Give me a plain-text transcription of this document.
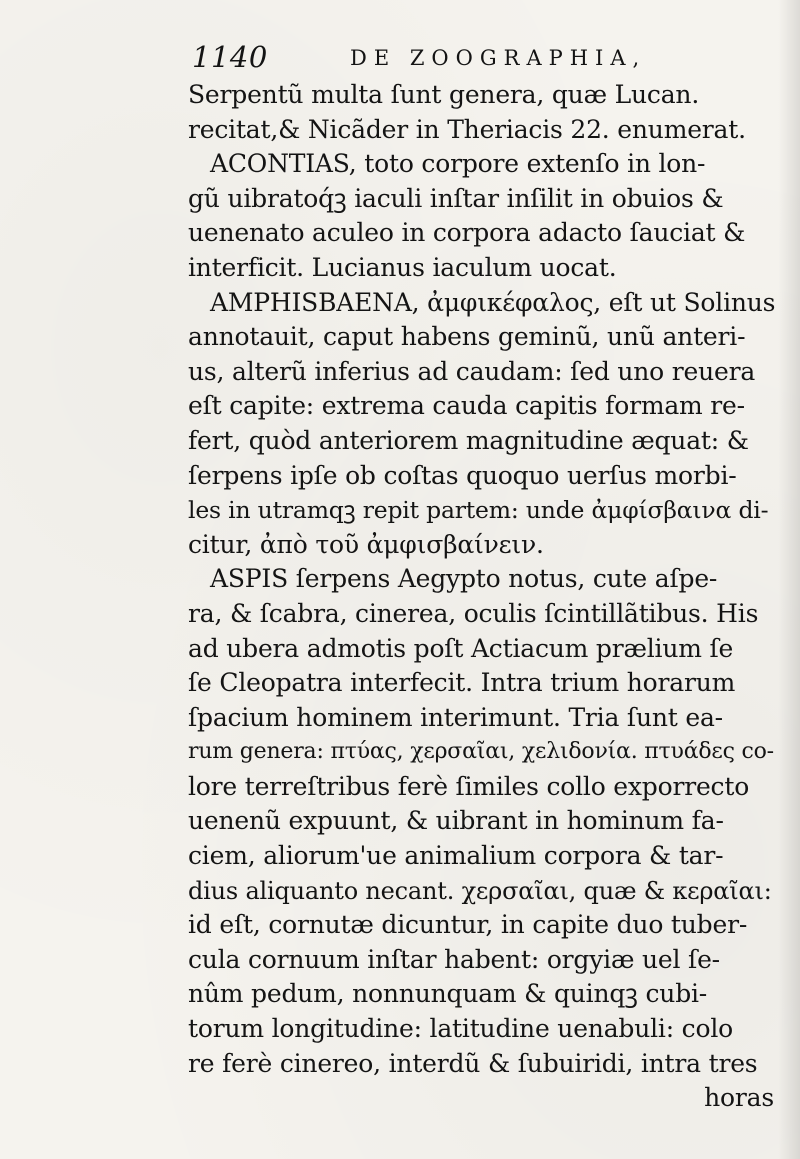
1140	DE ZOOGRAPHIA,
Serpentũ multa ſunt genera, quæ Lucan.
recitat,& Nicãder in Theriacis 22. enumerat.
ACONTIAS, toto corpore extenſo in lon-
gũ uibratoq́ꝫ iaculi inſtar inſilit in obuios &
uenenato aculeo in corpora adacto ſauciat &
interficit. Lucianus iaculum uocat.
AMPHISBAENA, ἀμφικέφαλος, eſt ut Solinus
annotauit, caput habens geminũ, unũ anteri-
us, alterũ inferius ad caudam: ſed uno reuera
eſt capite: extrema cauda capitis formam re-
fert, quòd anteriorem magnitudine æquat: &
ſerpens ipſe ob coſtas quoquo uerſus morbi-
les in utramqꝫ repit partem: unde ἀμφίσβαινα di-
citur, ἀπὸ τοῦ ἀμφισβαίνειν.
ASPIS ſerpens Aegypto notus, cute aſpe-
ra, & ſcabra, cinerea, oculis ſcintillãtibus. His
ad ubera admotis poſt Actiacum prælium ſe
ſe Cleopatra interfecit. Intra trium horarum
ſpacium hominem interimunt. Tria ſunt ea-
rum genera: πτύας, χερσαῖαι, χελιδονία. πτυάδες co-
lore terreſtribus ferè ſimiles collo exporrecto
uenenũ expuunt, & uibrant in hominum fa-
ciem, aliorum'ue animalium corpora & tar-
dius aliquanto necant. χερσαῖαι, quæ & κεραῖαι:
id eſt, cornutæ dicuntur, in capite duo tuber-
cula cornuum inſtar habent: orgyiæ uel ſe-
nûm pedum, nonnunquam & quinqꝫ cubi-
torum longitudine: latitudine uenabuli: colo
re ferè cinereo, interdũ & ſubuiridi, intra tres
horas
